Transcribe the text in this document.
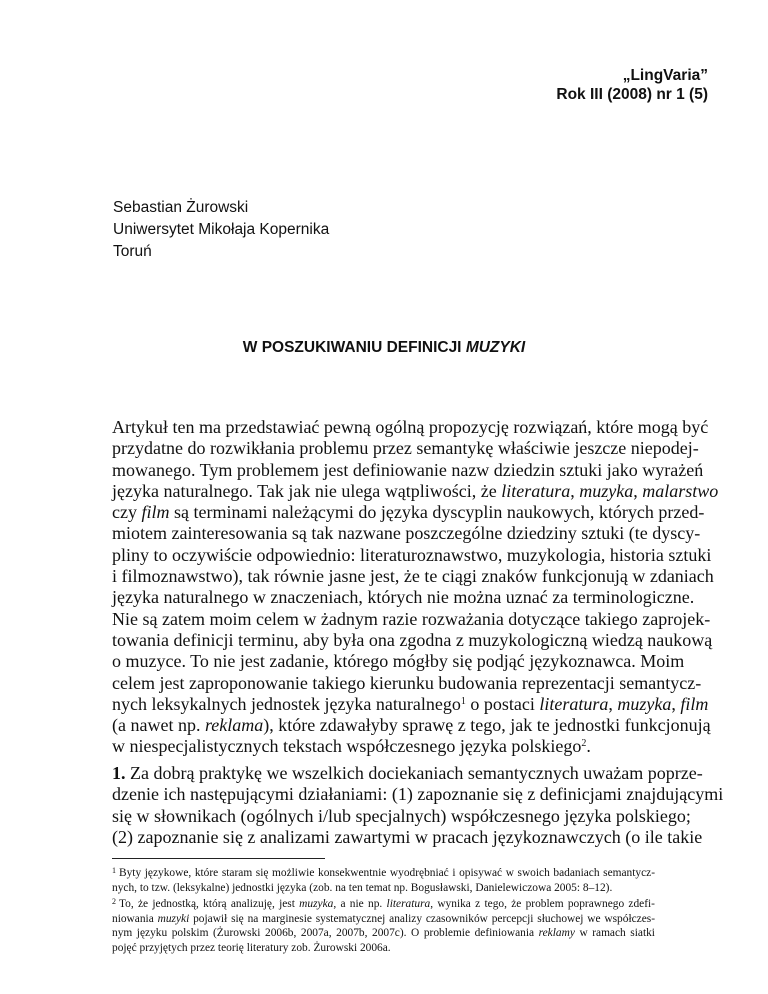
„LingVaria”
Rok III (2008) nr 1 (5)
Sebastian Żurowski
Uniwersytet Mikołaja Kopernika
Toruń
W POSZUKIWANIU DEFINICJI MUZYKI
Artykuł ten ma przedstawiać pewną ogólną propozycję rozwiązań, które mogą być
przydatne do rozwikłania problemu przez semantykę właściwie jeszcze niepodej-
mowanego. Tym problemem jest definiowanie nazw dziedzin sztuki jako wyrażeń
języka naturalnego. Tak jak nie ulega wątpliwości, że literatura, muzyka, malarstwo
czy film są terminami należącymi do języka dyscyplin naukowych, których przed-
miotem zainteresowania są tak nazwane poszczególne dziedziny sztuki (te dyscy-
pliny to oczywiście odpowiednio: literaturoznawstwo, muzykologia, historia sztuki
i filmoznawstwo), tak równie jasne jest, że te ciągi znaków funkcjonują w zdaniach
języka naturalnego w znaczeniach, których nie można uznać za terminologiczne.
Nie są zatem moim celem w żadnym razie rozważania dotyczące takiego zaprojek-
towania definicji terminu, aby była ona zgodna z muzykologiczną wiedzą naukową
o muzyce. To nie jest zadanie, którego mógłby się podjąć językoznawca. Moim
celem jest zaproponowanie takiego kierunku budowania reprezentacji semantycz-
nych leksykalnych jednostek języka naturalnego$^1$ o postaci literatura, muzyka, film
(a nawet np. reklama), które zdawałyby sprawę z tego, jak te jednostki funkcjonują
w niespecjalistycznych tekstach współczesnego języka polskiego$^2$.
1. Za dobrą praktykę we wszelkich dociekaniach semantycznych uważam poprze-
dzenie ich następującymi działaniami: (1) zapoznanie się z definicjami znajdującymi
się w słownikach (ogólnych i/lub specjalnych) współczesnego języka polskiego;
(2) zapoznanie się z analizami zawartymi w pracach językoznawczych (o ile takie
$^1$ Byty językowe, które staram się możliwie konsekwentnie wyodrębniać i opisywać w swoich badaniach semantycz-
nych, to tzw. (leksykalne) jednostki języka (zob. na ten temat np. Bogusławski, Danielewiczowa 2005: 8–12).
$^2$ To, że jednostką, którą analizuję, jest muzyka, a nie np. literatura, wynika z tego, że problem poprawnego zdefi-
niowania muzyki pojawił się na marginesie systematycznej analizy czasowników percepcji słuchowej we współczes-
nym języku polskim (Żurowski 2006b, 2007a, 2007b, 2007c). O problemie definiowania reklamy w ramach siatki
pojęć przyjętych przez teorię literatury zob. Żurowski 2006a.
